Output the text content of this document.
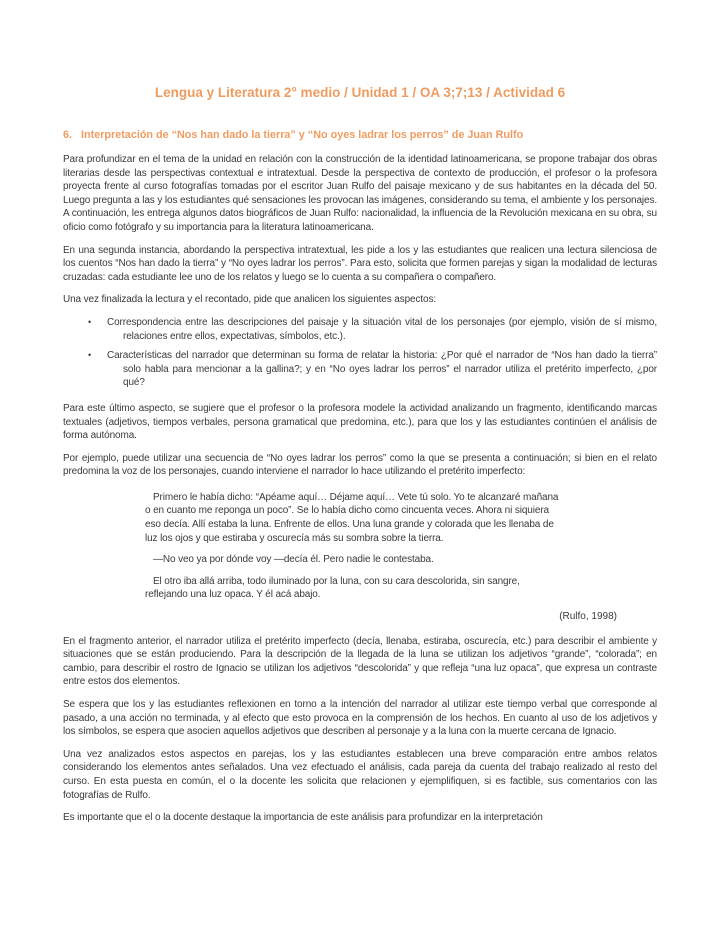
Lengua y Literatura 2° medio / Unidad 1 / OA 3;7;13 / Actividad 6
6. Interpretación de “Nos han dado la tierra” y “No oyes ladrar los perros” de Juan Rulfo

Para profundizar en el tema de la unidad en relación con la construcción de la identidad latinoamericana, se propone trabajar dos obras literarias desde las perspectivas contextual e intratextual. Desde la perspectiva de contexto de producción, el profesor o la profesora proyecta frente al curso fotografías tomadas por el escritor Juan Rulfo del paisaje mexicano y de sus habitantes en la década del 50. Luego pregunta a las y los estudiantes qué sensaciones les provocan las imágenes, considerando su tema, el ambiente y los personajes. A continuación, les entrega algunos datos biográficos de Juan Rulfo: nacionalidad, la influencia de la Revolución mexicana en su obra, su oficio como fotógrafo y su importancia para la literatura latinoamericana.

En una segunda instancia, abordando la perspectiva intratextual, les pide a los y las estudiantes que realicen una lectura silenciosa de los cuentos “Nos han dado la tierra” y “No oyes ladrar los perros”. Para esto, solicita que formen parejas y sigan la modalidad de lecturas cruzadas: cada estudiante lee uno de los relatos y luego se lo cuenta a su compañera o compañero.

Una vez finalizada la lectura y el recontado, pide que analicen los siguientes aspectos:

• Correspondencia entre las descripciones del paisaje y la situación vital de los personajes (por ejemplo, visión de sí mismo, relaciones entre ellos, expectativas, símbolos, etc.).
• Características del narrador que determinan su forma de relatar la historia: ¿Por qué el narrador de “Nos han dado la tierra” solo habla para mencionar a la gallina?; y en “No oyes ladrar los perros” el narrador utiliza el pretérito imperfecto, ¿por qué?

Para este último aspecto, se sugiere que el profesor o la profesora modele la actividad analizando un fragmento, identificando marcas textuales (adjetivos, tiempos verbales, persona gramatical que predomina, etc.), para que los y las estudiantes continúen el análisis de forma autónoma.

Por ejemplo, puede utilizar una secuencia de “No oyes ladrar los perros” como la que se presenta a continuación; si bien en el relato predomina la voz de los personajes, cuando interviene el narrador lo hace utilizando el pretérito imperfecto:

Primero le había dicho: “Apéame aquí… Déjame aquí… Vete tú solo. Yo te alcanzaré mañana o en cuanto me reponga un poco”. Se lo había dicho como cincuenta veces. Ahora ni siquiera eso decía. Allí estaba la luna. Enfrente de ellos. Una luna grande y colorada que les llenaba de luz los ojos y que estiraba y oscurecía más su sombra sobre la tierra.

—No veo ya por dónde voy —decía él. Pero nadie le contestaba.

El otro iba allá arriba, todo iluminado por la luna, con su cara descolorida, sin sangre, reflejando una luz opaca. Y él acá abajo.

(Rulfo, 1998)

En el fragmento anterior, el narrador utiliza el pretérito imperfecto (decía, llenaba, estiraba, oscurecía, etc.) para describir el ambiente y situaciones que se están produciendo. Para la descripción de la llegada de la luna se utilizan los adjetivos “grande”, “colorada”; en cambio, para describir el rostro de Ignacio se utilizan los adjetivos “descolorida” y que refleja “una luz opaca”, que expresa un contraste entre estos dos elementos.

Se espera que los y las estudiantes reflexionen en torno a la intención del narrador al utilizar este tiempo verbal que corresponde al pasado, a una acción no terminada, y al efecto que esto provoca en la comprensión de los hechos. En cuanto al uso de los adjetivos y los símbolos, se espera que asocien aquellos adjetivos que describen al personaje y a la luna con la muerte cercana de Ignacio.

Una vez analizados estos aspectos en parejas, los y las estudiantes establecen una breve comparación entre ambos relatos considerando los elementos antes señalados. Una vez efectuado el análisis, cada pareja da cuenta del trabajo realizado al resto del curso. En esta puesta en común, el o la docente les solicita que relacionen y ejemplifiquen, si es factible, sus comentarios con las fotografías de Rulfo.

Es importante que el o la docente destaque la importancia de este análisis para profundizar en la interpretación
